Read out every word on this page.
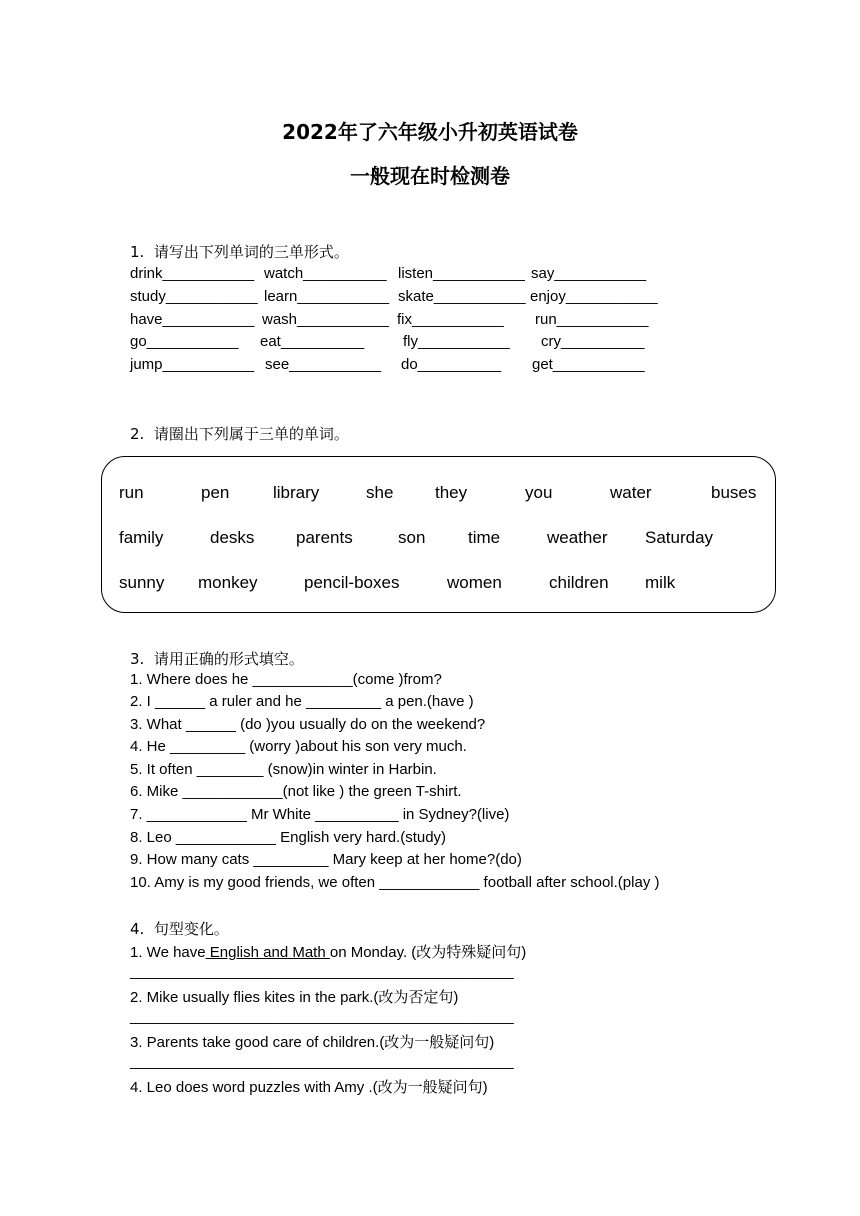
2022年了六年级小升初英语试卷
一般现在时检测卷
1.  请写出下列单词的三单形式。
drink___________ watch__________ listen___________ say___________
study___________ learn___________ skate___________ enjoy___________
have___________ wash___________ fix___________ run___________
go___________ eat__________	fly___________ cry__________
jump___________ see___________ do__________ get___________
2.  请圈出下列属于三单的单词。
run	pen	library	she they	you	water	buses
family	desks parents	son	time	weather Saturday
sunny monkey	pencil-boxes	women	children milk
3.  请用正确的形式填空。
1. Where does he ____________(come )from?
2. I ______ a ruler and he _________ a pen.(have )
3. What ______ (do )you usually do on the weekend?
4. He _________ (worry )about his son very much.
5. It often ________ (snow)in winter in Harbin.
6. Mike ____________(not like ) the green T-shirt.
7. ____________ Mr White __________ in Sydney?(live)
8. Leo ____________ English very hard.(study)
9. How many cats _________ Mary keep at her home?(do)
10. Amy is my good friends, we often ____________ football after school.(play )
4.  句型变化。
1. We have English and Math on Monday. (改为特殊疑问句)
______________________________________________
2. Mike usually flies kites in the park.(改为否定句)
______________________________________________
3. Parents take good care of children.(改为一般疑问句)
______________________________________________
4. Leo does word puzzles with Amy .(改为一般疑问句)
